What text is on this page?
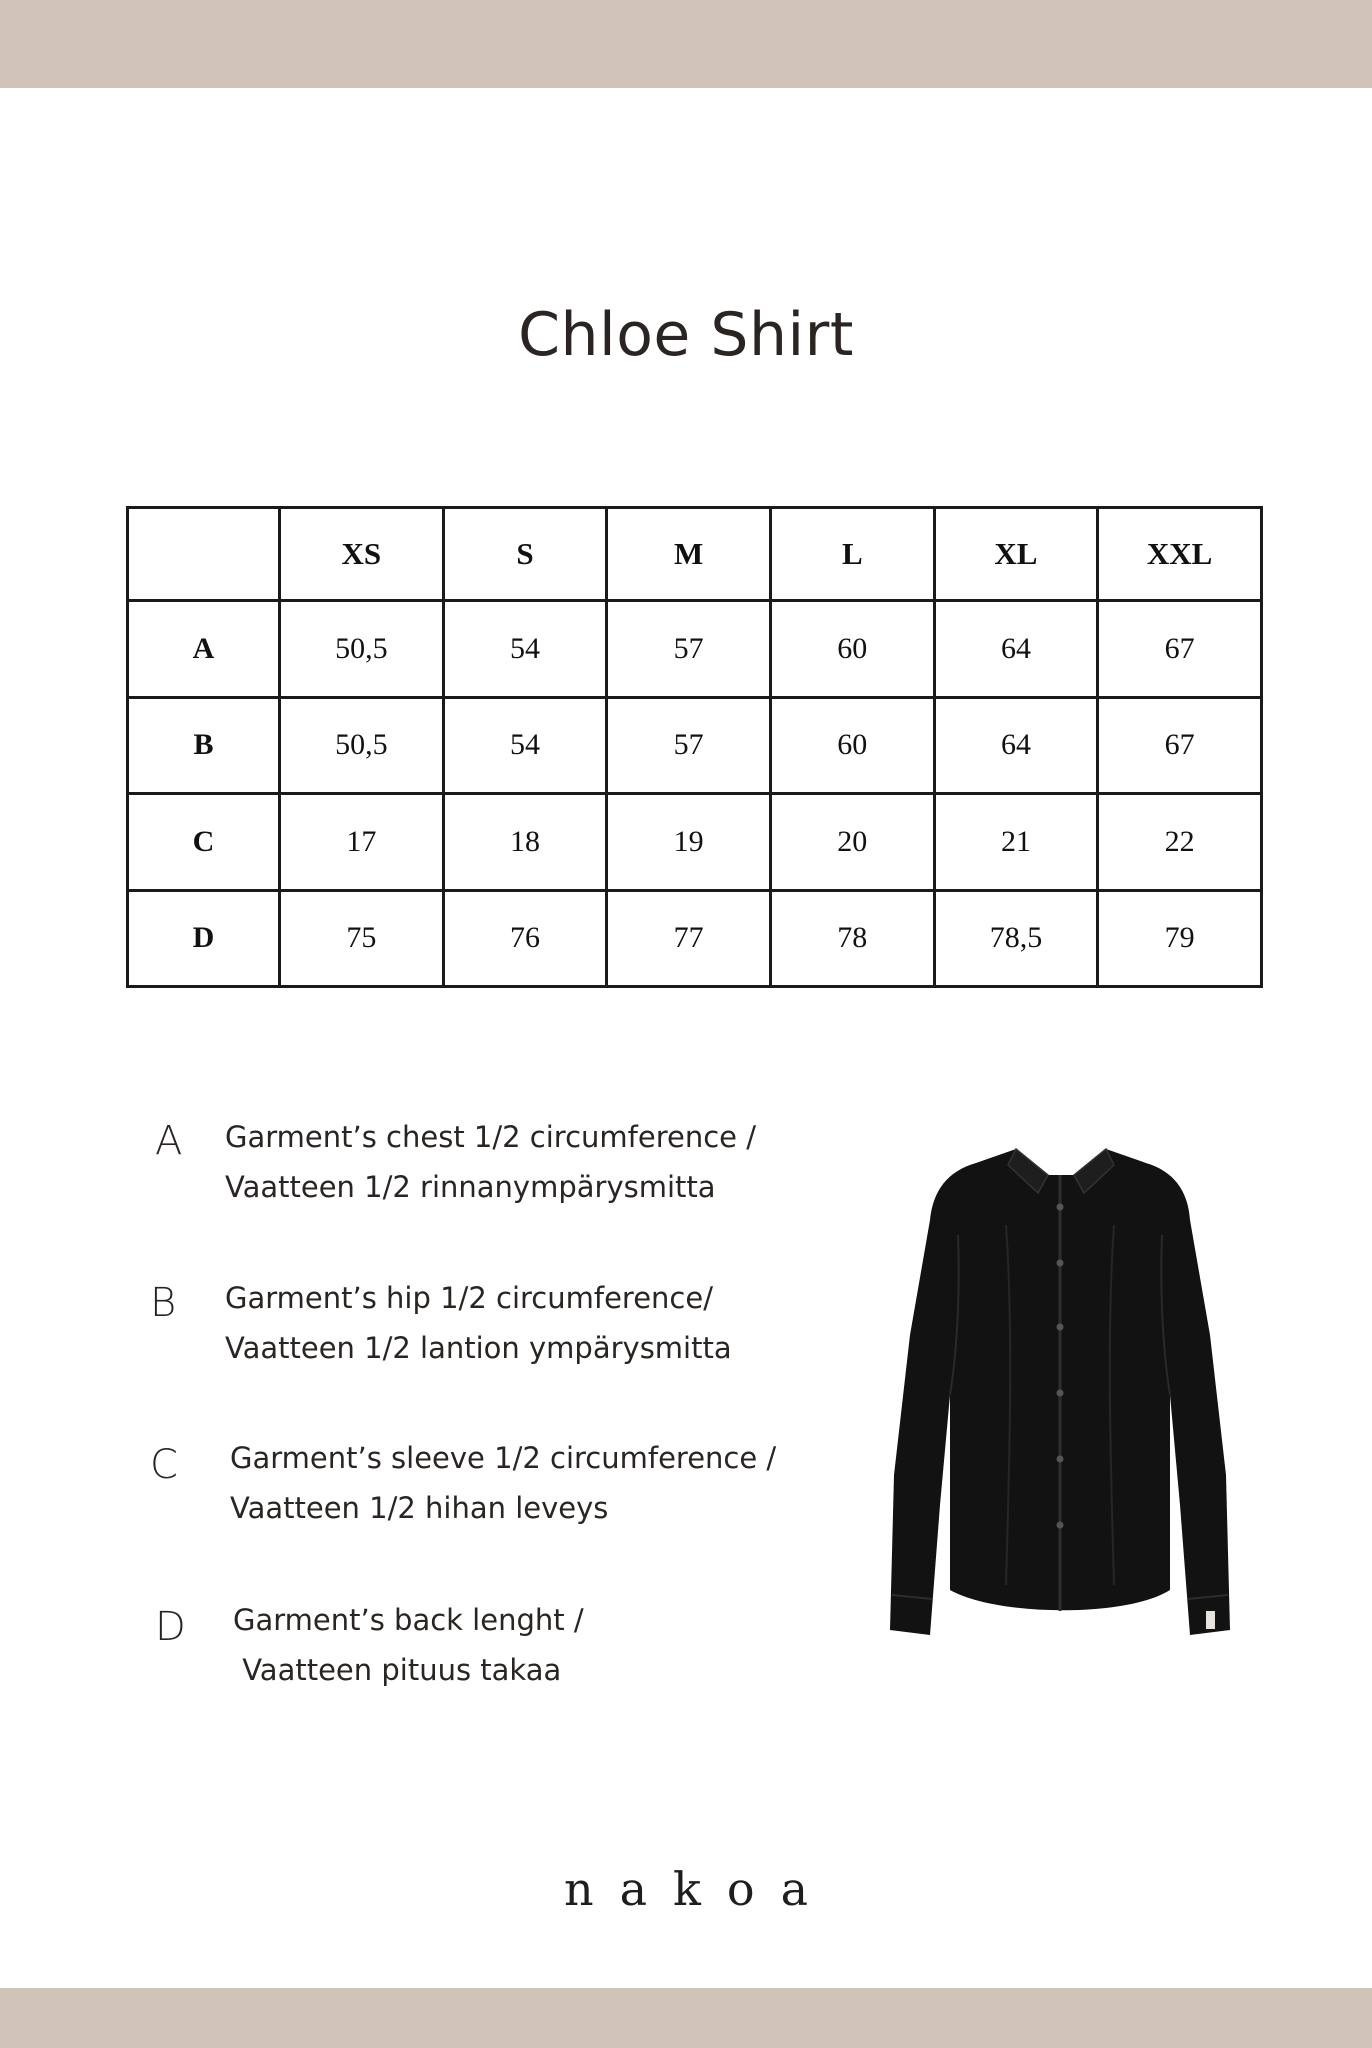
Chloe Shirt
	XS	S	M	L	XL	XXL
A	50,5	54	57	60	64	67
B	50,5	54	57	60	64	67
C	17	18	19	20	21	22
D	75	76	77	78	78,5	79
A Garment’s chest 1/2 circumference /
Vaatteen 1/2 rinnanympärysmitta
B Garment’s hip 1/2 circumference/
Vaatteen 1/2 lantion ympärysmitta
C Garment’s sleeve 1/2 circumference /
Vaatteen 1/2 hihan leveys
D Garment’s back lenght /
Vaatteen pituus takaa
nakoa
